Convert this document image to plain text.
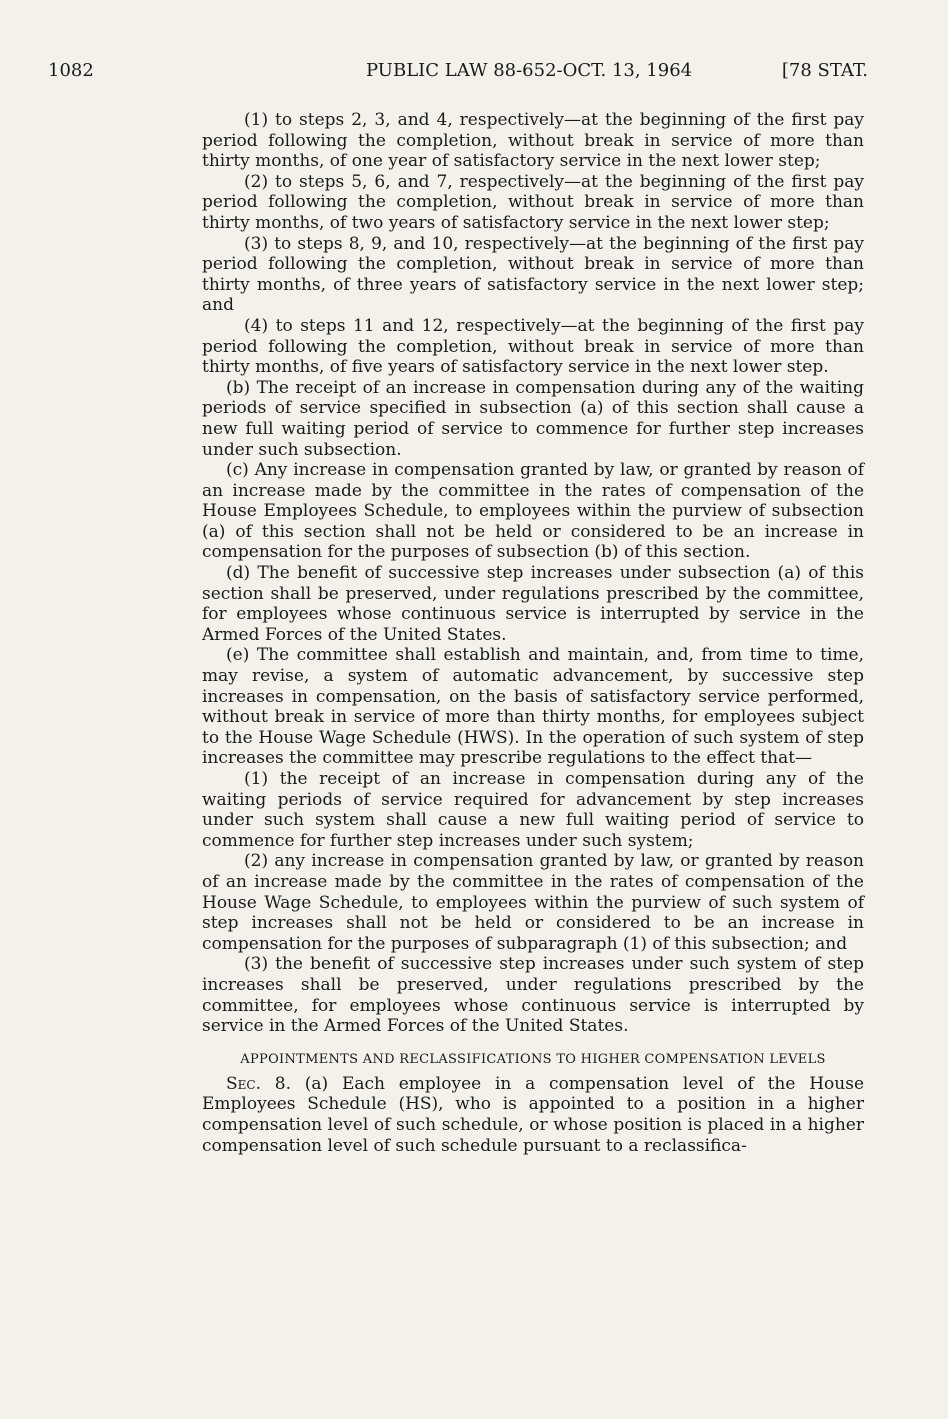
1082	PUBLIC LAW 88-652-OCT. 13, 1964	[78 STAT.

(1) to steps 2, 3, and 4, respectively—at the beginning of the first pay period following the completion, without break in service of more than thirty months, of one year of satisfactory service in the next lower step;

(2) to steps 5, 6, and 7, respectively—at the beginning of the first pay period following the completion, without break in service of more than thirty months, of two years of satisfactory service in the next lower step;

(3) to steps 8, 9, and 10, respectively—at the beginning of the first pay period following the completion, without break in service of more than thirty months, of three years of satisfactory service in the next lower step; and

(4) to steps 11 and 12, respectively—at the beginning of the first pay period following the completion, without break in service of more than thirty months, of five years of satisfactory service in the next lower step.

(b) The receipt of an increase in compensation during any of the waiting periods of service specified in subsection (a) of this section shall cause a new full waiting period of service to commence for further step increases under such subsection.

(c) Any increase in compensation granted by law, or granted by reason of an increase made by the committee in the rates of compensation of the House Employees Schedule, to employees within the purview of subsection (a) of this section shall not be held or considered to be an increase in compensation for the purposes of subsection (b) of this section.

(d) The benefit of successive step increases under subsection (a) of this section shall be preserved, under regulations prescribed by the committee, for employees whose continuous service is interrupted by service in the Armed Forces of the United States.

(e) The committee shall establish and maintain, and, from time to time, may revise, a system of automatic advancement, by successive step increases in compensation, on the basis of satisfactory service performed, without break in service of more than thirty months, for employees subject to the House Wage Schedule (HWS). In the operation of such system of step increases the committee may prescribe regulations to the effect that—

(1) the receipt of an increase in compensation during any of the waiting periods of service required for advancement by step increases under such system shall cause a new full waiting period of service to commence for further step increases under such system;

(2) any increase in compensation granted by law, or granted by reason of an increase made by the committee in the rates of compensation of the House Wage Schedule, to employees within the purview of such system of step increases shall not be held or considered to be an increase in compensation for the purposes of subparagraph (1) of this subsection; and

(3) the benefit of successive step increases under such system of step increases shall be preserved, under regulations prescribed by the committee, for employees whose continuous service is interrupted by service in the Armed Forces of the United States.

APPOINTMENTS AND RECLASSIFICATIONS TO HIGHER COMPENSATION LEVELS

Sec. 8. (a) Each employee in a compensation level of the House Employees Schedule (HS), who is appointed to a position in a higher compensation level of such schedule, or whose position is placed in a higher compensation level of such schedule pursuant to a reclassifica-
